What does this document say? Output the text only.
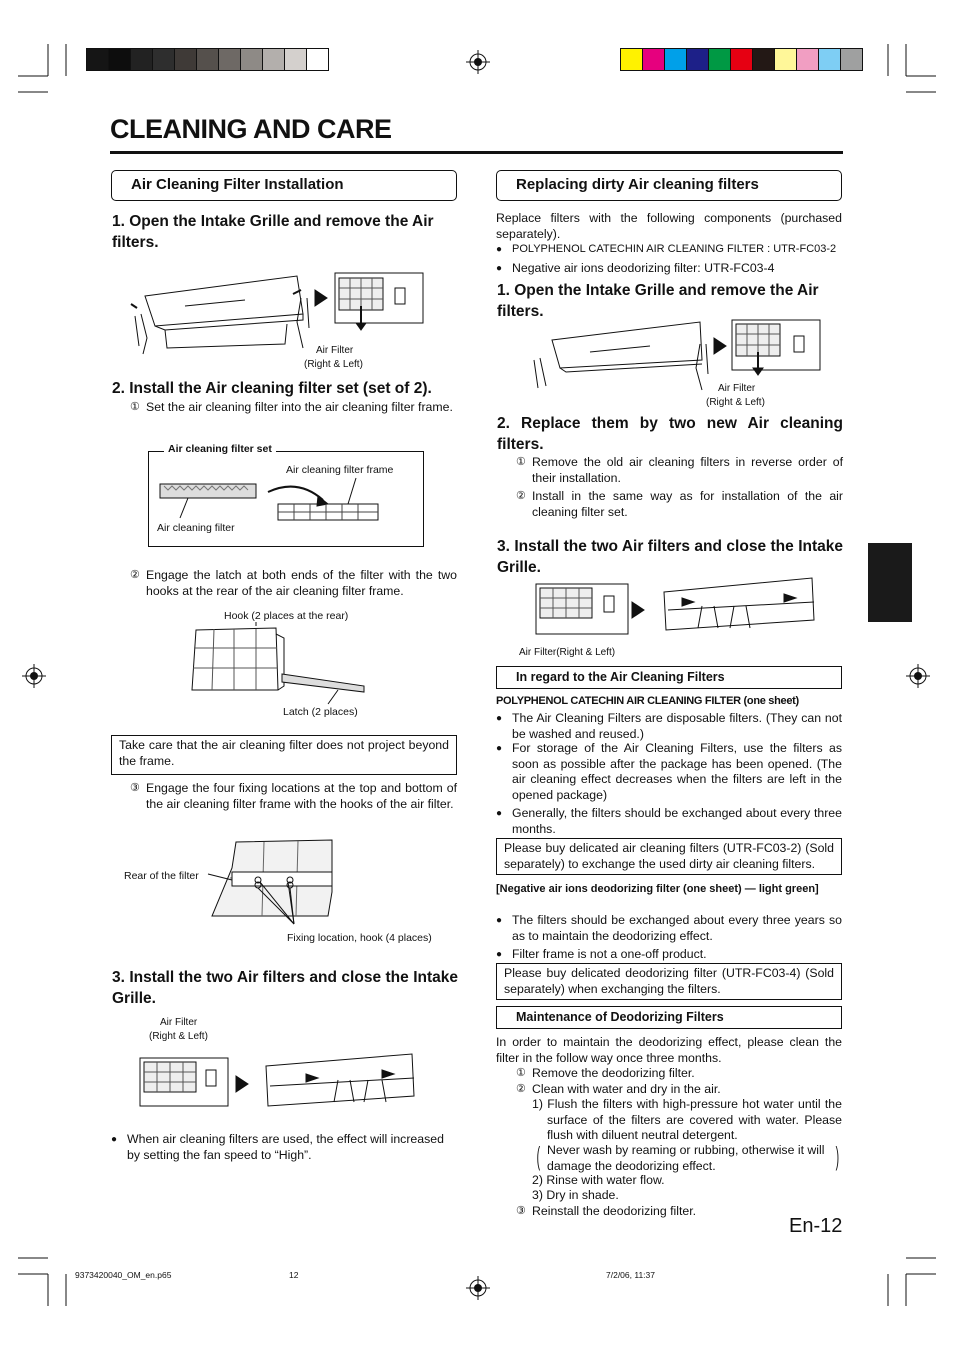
CLEANING AND CARE
Air Cleaning Filter Installation
1. Open the Intake Grille and remove the Air filters.
Air Filter
(Right & Left)
2. Install the Air cleaning filter set (set of 2).
① Set the air cleaning filter into the air cleaning filter frame.
Air cleaning filter set
Air cleaning filter frame
Air cleaning filter
② Engage the latch at both ends of the filter with the two hooks at the rear of the air cleaning filter frame.
Hook (2 places at the rear)
Latch (2 places)
Take care that the air cleaning filter does not project beyond the frame.
③ Engage the four fixing locations at the top and bottom of the air cleaning filter frame with the hooks of the air filter.
Rear of the filter
Fixing location, hook (4 places)
3. Install the two Air filters and close the Intake Grille.
Air Filter
(Right & Left)
● When air cleaning filters are used, the effect will increased by setting the fan speed to “High”.
Replacing dirty Air cleaning filters
Replace filters with the following components (purchased separately).
● POLYPHENOL CATECHIN AIR CLEANING FILTER : UTR-FC03-2
● Negative air ions deodorizing filter: UTR-FC03-4
1. Open the Intake Grille and remove the Air filters.
Air Filter
(Right & Left)
2. Replace them by two new Air cleaning filters.
① Remove the old air cleaning filters in reverse order of their installation.
② Install in the same way as for installation of the air cleaning filter set.
3. Install the two Air filters and close the Intake Grille.
Air Filter(Right & Left)
In regard to the Air Cleaning Filters
POLYPHENOL CATECHIN AIR CLEANING FILTER (one sheet)
● The Air Cleaning Filters are disposable filters. (They can not be washed and reused.)
● For storage of the Air Cleaning Filters, use the filters as soon as possible after the package has been opened. (The air cleaning effect decreases when the filters are left in the opened package)
● Generally, the filters should be exchanged about every three months.
Please buy delicated air cleaning filters (UTR-FC03-2) (Sold separately) to exchange the used dirty air cleaning filters.
[Negative air ions deodorizing filter (one sheet) — light green]
● The filters should be exchanged about every three years so as to maintain the deodorizing effect.
● Filter frame is not a one-off product.
Please buy delicated deodorizing filter (UTR-FC03-4) (Sold separately) when exchanging the filters.
Maintenance of Deodorizing Filters
In order to maintain the deodorizing effect, please clean the filter in the follow way once three months.
① Remove the deodorizing filter.
② Clean with water and dry in the air.
1) Flush the filters with high-pressure hot water until the surface of the filters are covered with water. Please flush with diluent neutral detergent.
( Never wash by reaming or rubbing, otherwise it will damage the deodorizing effect.	)
2) Rinse with water flow.
3) Dry in shade.
③ Reinstall the deodorizing filter.
En-12
9373420040_OM_en.p65	12	7/2/06, 11:37
